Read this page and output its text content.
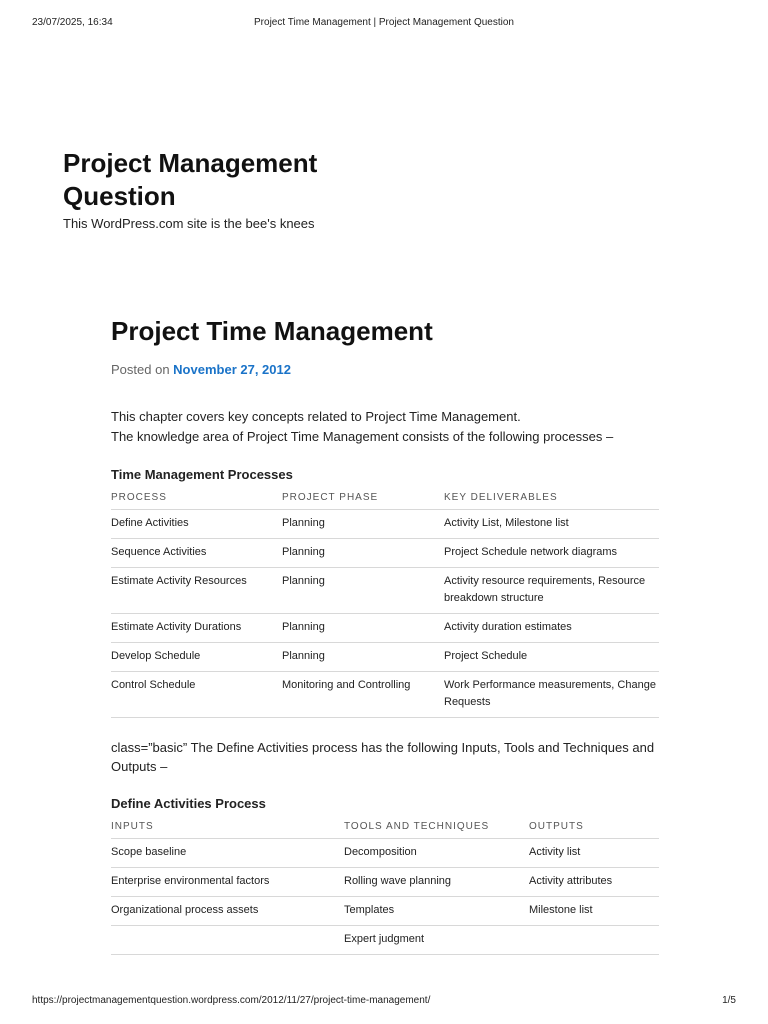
23/07/2025, 16:34	Project Time Management | Project Management Question
Project Management Question
This WordPress.com site is the bee's knees
Project Time Management
Posted on November 27, 2012

This chapter covers key concepts related to Project Time Management.

The knowledge area of Project Time Management consists of the following processes –

Time Management Processes
PROCESS	PROJECT PHASE	KEY DELIVERABLES
Define Activities	Planning	Activity List, Milestone list
Sequence Activities	Planning	Project Schedule network diagrams
Estimate Activity Resources	Planning	Activity resource requirements, Resource breakdown structure
Estimate Activity Durations	Planning	Activity duration estimates
Develop Schedule	Planning	Project Schedule
Control Schedule	Monitoring and Controlling	Work Performance measurements, Change Requests
class=”basic” The Define Activities process has the following Inputs, Tools and Techniques and Outputs –
Define Activities Process
INPUTS	TOOLS AND TECHNIQUES	OUTPUTS
Scope baseline	Decomposition	Activity list
Enterprise environmental factors	Rolling wave planning	Activity attributes
Organizational process assets	Templates	Milestone list
	Expert judgment	
https://projectmanagementquestion.wordpress.com/2012/11/27/project-time-management/	1/5
